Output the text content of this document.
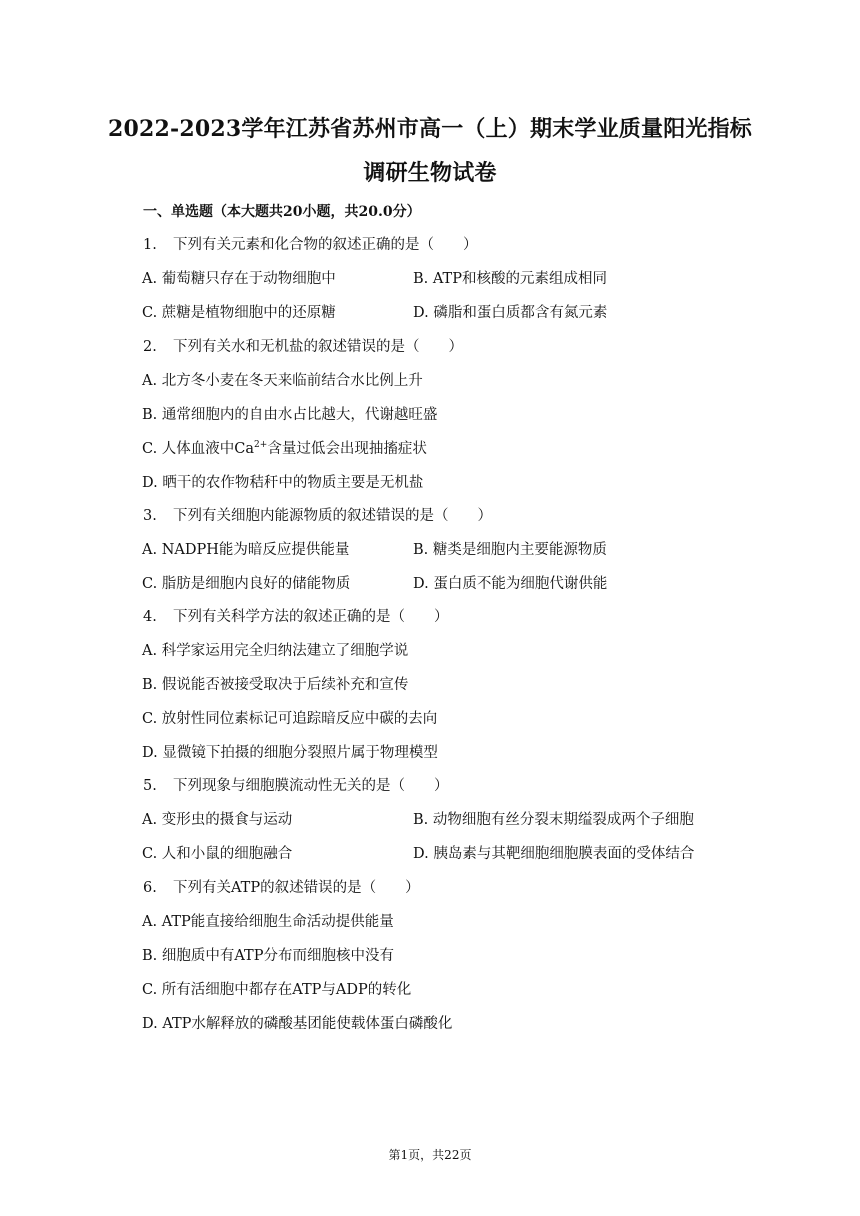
2022-2023学年江苏省苏州市高一（上）期末学业质量阳光指标
调研生物试卷
一、单选题（本大题共20小题，共20.0分）
1. 下列有关元素和化合物的叙述正确的是（　　）
A. 葡萄糖只存在于动物细胞中	B. ATP和核酸的元素组成相同
C. 蔗糖是植物细胞中的还原糖	D. 磷脂和蛋白质都含有氮元素
2. 下列有关水和无机盐的叙述错误的是（　　）
A. 北方冬小麦在冬天来临前结合水比例上升
B. 通常细胞内的自由水占比越大，代谢越旺盛
C. 人体血液中$Ca^{2+}$含量过低会出现抽搐症状
D. 晒干的农作物秸秆中的物质主要是无机盐
3. 下列有关细胞内能源物质的叙述错误的是（　　）
A. NADPH能为暗反应提供能量	B. 糖类是细胞内主要能源物质
C. 脂肪是细胞内良好的储能物质	D. 蛋白质不能为细胞代谢供能
4. 下列有关科学方法的叙述正确的是（　　）
A. 科学家运用完全归纳法建立了细胞学说
B. 假说能否被接受取决于后续补充和宣传
C. 放射性同位素标记可追踪暗反应中碳的去向
D. 显微镜下拍摄的细胞分裂照片属于物理模型
5. 下列现象与细胞膜流动性无关的是（　　）
A. 变形虫的摄食与运动	B. 动物细胞有丝分裂末期缢裂成两个子细胞
C. 人和小鼠的细胞融合	D. 胰岛素与其靶细胞细胞膜表面的受体结合
6. 下列有关ATP的叙述错误的是（　　）
A. ATP能直接给细胞生命活动提供能量
B. 细胞质中有ATP分布而细胞核中没有
C. 所有活细胞中都存在ATP与ADP的转化
D. ATP水解释放的磷酸基团能使载体蛋白磷酸化
第1页，共22页
